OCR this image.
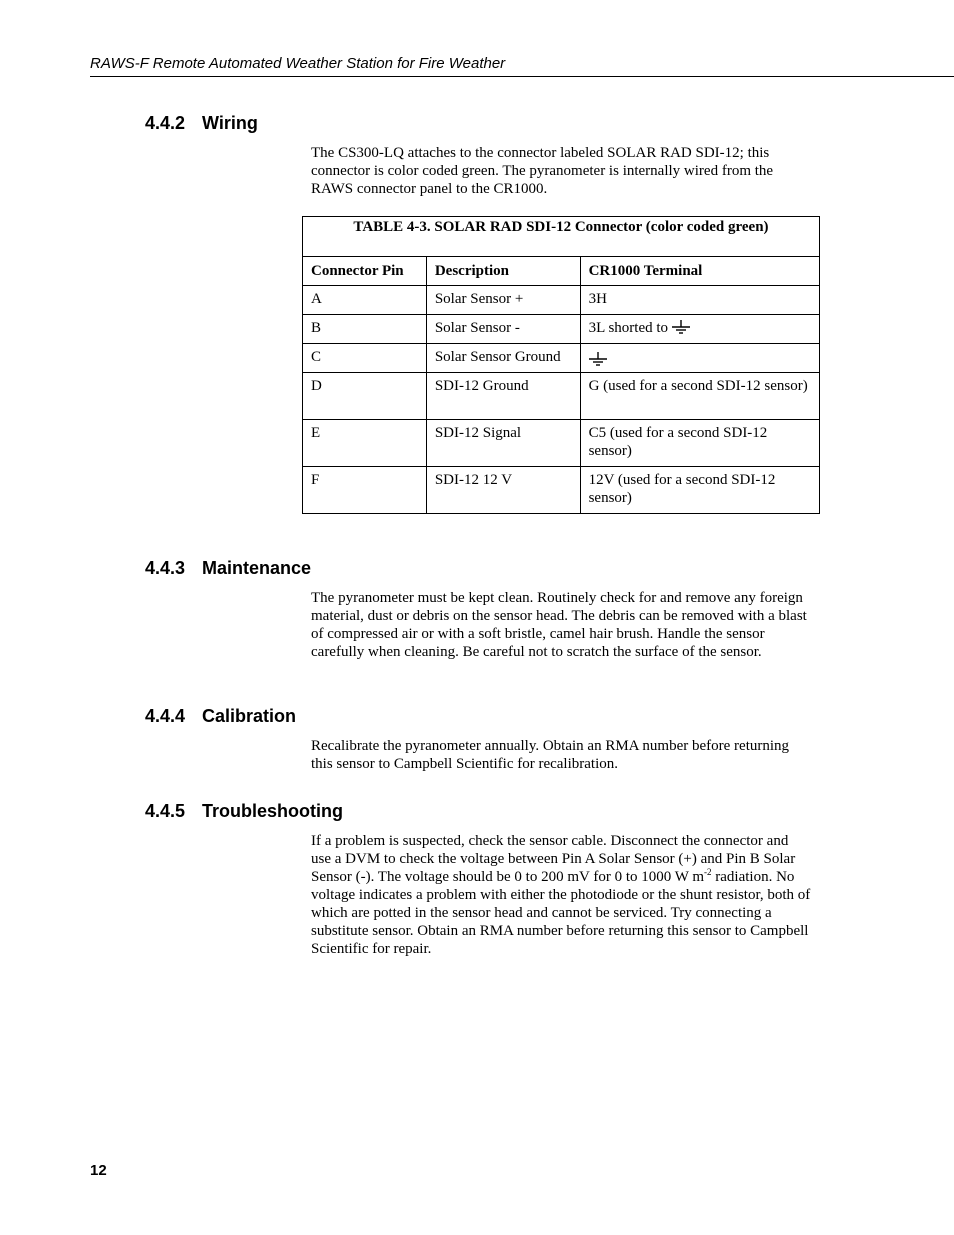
RAWS-F Remote Automated Weather Station for Fire Weather
4.4.2 Wiring

The CS300-LQ attaches to the connector labeled SOLAR RAD SDI-12; this connector is color coded green. The pyranometer is internally wired from the RAWS connector panel to the CR1000.

TABLE 4-3. SOLAR RAD SDI-12 Connector (color coded green)		
Connector Pin	Description	CR1000 Terminal
A	Solar Sensor +	3H
B	Solar Sensor -	3L shorted to
C	Solar Sensor Ground	
D	SDI-12 Ground	G (used for a second SDI-12 sensor)
E	SDI-12 Signal	C5 (used for a second SDI-12 sensor)
F	SDI-12 12 V	12V (used for a second SDI-12 sensor)
4.4.3 Maintenance

The pyranometer must be kept clean. Routinely check for and remove any foreign material, dust or debris on the sensor head. The debris can be removed with a blast of compressed air or with a soft bristle, camel hair brush. Handle the sensor carefully when cleaning. Be careful not to scratch the surface of the sensor.

4.4.4 Calibration

Recalibrate the pyranometer annually. Obtain an RMA number before returning this sensor to Campbell Scientific for recalibration.

4.4.5 Troubleshooting

If a problem is suspected, check the sensor cable. Disconnect the connector and use a DVM to check the voltage between Pin A Solar Sensor (+) and Pin B Solar Sensor (-). The voltage should be 0 to 200 mV for 0 to 1000 W $m^{-2}$ radiation. No voltage indicates a problem with either the photodiode or the shunt resistor, both of which are potted in the sensor head and cannot be serviced. Try connecting a substitute sensor. Obtain an RMA number before returning this sensor to Campbell Scientific for repair.

12
